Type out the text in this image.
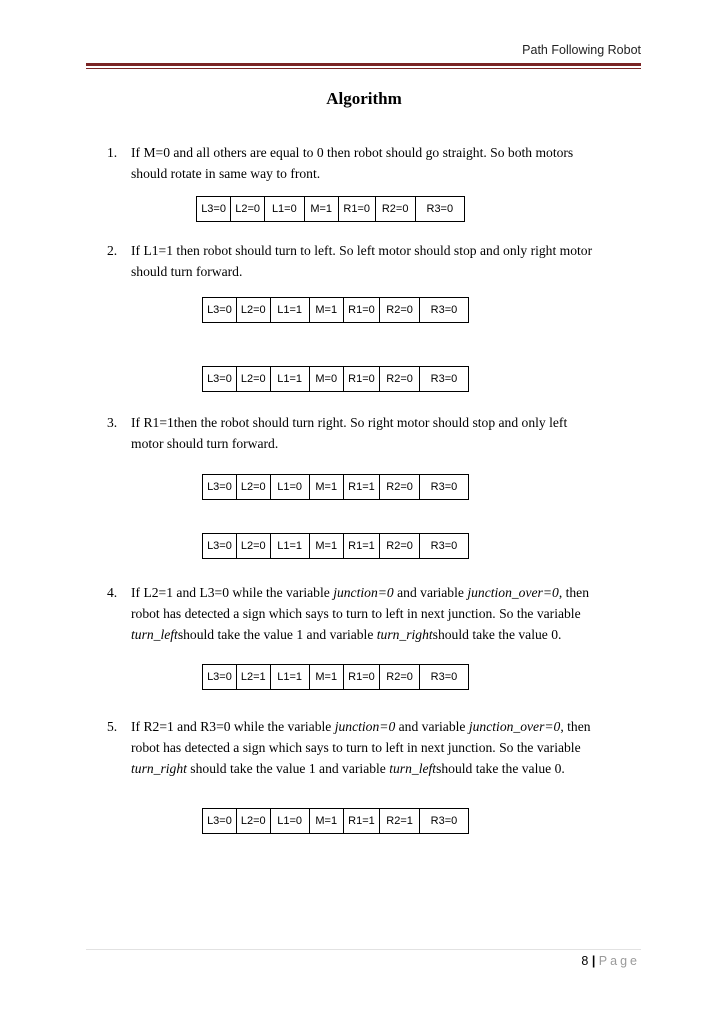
Path Following Robot
Algorithm
1. If M=0 and all others are equal to 0 then robot should go straight. So both motors
should rotate in same way to front.
L3=0 L2=0	L1=0	M=1	R1=0	R2=0	R3=0
2. If L1=1 then robot should turn to left. So left motor should stop and only right motor
should turn forward.
L3=0 L2=0	L1=1	M=1	R1=0	R2=0	R3=0
L3=0 L2=0	L1=1	M=0	R1=0	R2=0	R3=0
3. If R1=1then the robot should turn right. So right motor should stop and only left
motor should turn forward.
L3=0 L2=0	L1=0	M=1	R1=1	R2=0	R3=0
L3=0 L2=0	L1=1	M=1	R1=1	R2=0	R3=0
4. If L2=1 and L3=0 while the variable junction=0 and variable junction_over=0, then
robot has detected a sign which says to turn to left in next junction. So the variable
turn_leftshould take the value 1 and variable turn_rightshould take the value 0.
L3=0 L2=1	L1=1	M=1	R1=0	R2=0	R3=0
5. If R2=1 and R3=0 while the variable junction=0 and variable junction_over=0, then
robot has detected a sign which says to turn to left in next junction. So the variable
turn_right should take the value 1 and variable turn_leftshould take the value 0.
L3=0 L2=0	L1=0	M=1	R1=1	R2=1	R3=0
8 | Page
